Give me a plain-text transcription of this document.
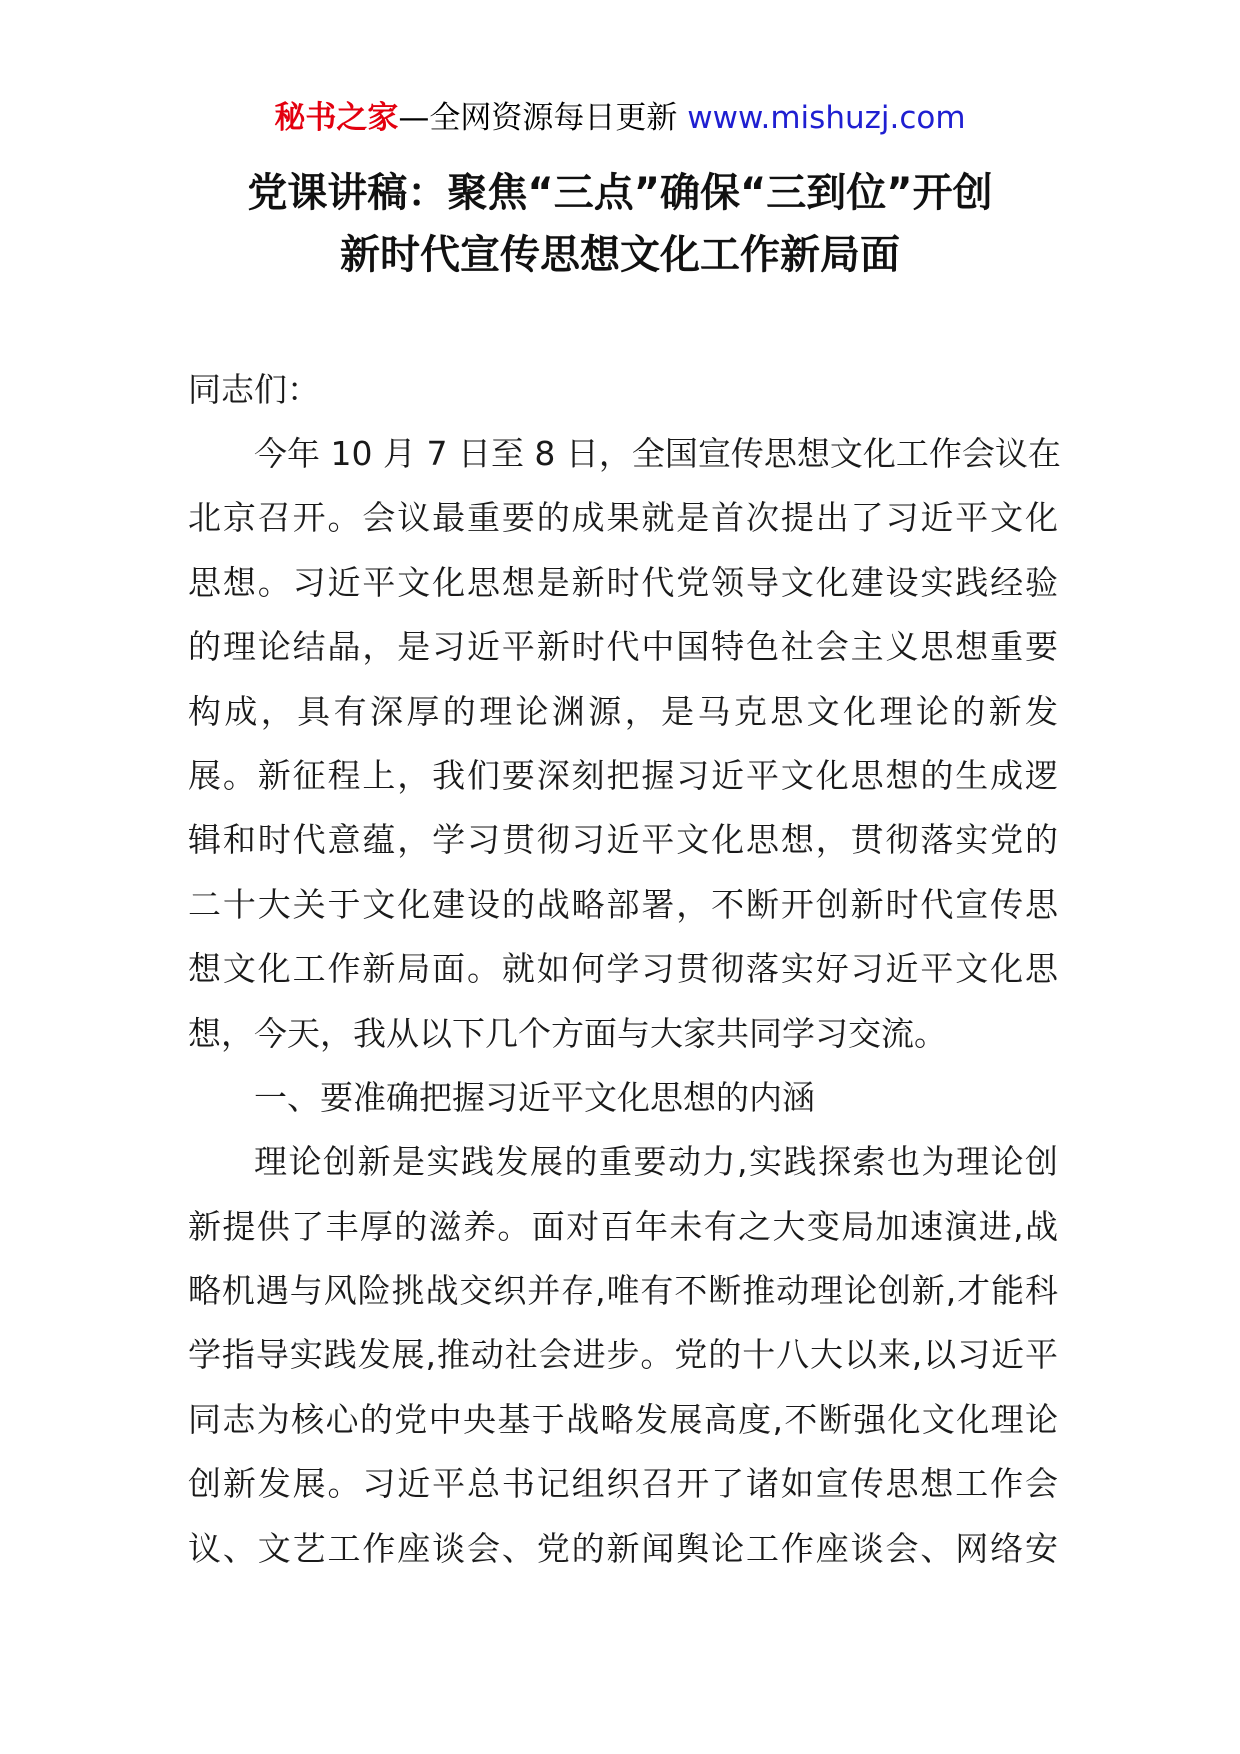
秘书之家—全网资源每日更新 www.mishuzj.com
党课讲稿：聚焦“三点”确保“三到位”开创
新时代宣传思想文化工作新局面
同志们：
今年 10 月 7 日至 8 日，全国宣传思想文化工作会议在
北京召开。会议最重要的成果就是首次提出了习近平文化
思想。习近平文化思想是新时代党领导文化建设实践经验
的理论结晶，是习近平新时代中国特色社会主义思想重要
构成，具有深厚的理论渊源，是马克思文化理论的新发
展。新征程上，我们要深刻把握习近平文化思想的生成逻
辑和时代意蕴，学习贯彻习近平文化思想，贯彻落实党的
二十大关于文化建设的战略部署，不断开创新时代宣传思
想文化工作新局面。就如何学习贯彻落实好习近平文化思
想，今天，我从以下几个方面与大家共同学习交流。
一、要准确把握习近平文化思想的内涵
理论创新是实践发展的重要动力,实践探索也为理论创
新提供了丰厚的滋养。面对百年未有之大变局加速演进,战
略机遇与风险挑战交织并存,唯有不断推动理论创新,才能科
学指导实践发展,推动社会进步。党的十八大以来,以习近平
同志为核心的党中央基于战略发展高度,不断强化文化理论
创新发展。习近平总书记组织召开了诸如宣传思想工作会
议、文艺工作座谈会、党的新闻舆论工作座谈会、网络安
